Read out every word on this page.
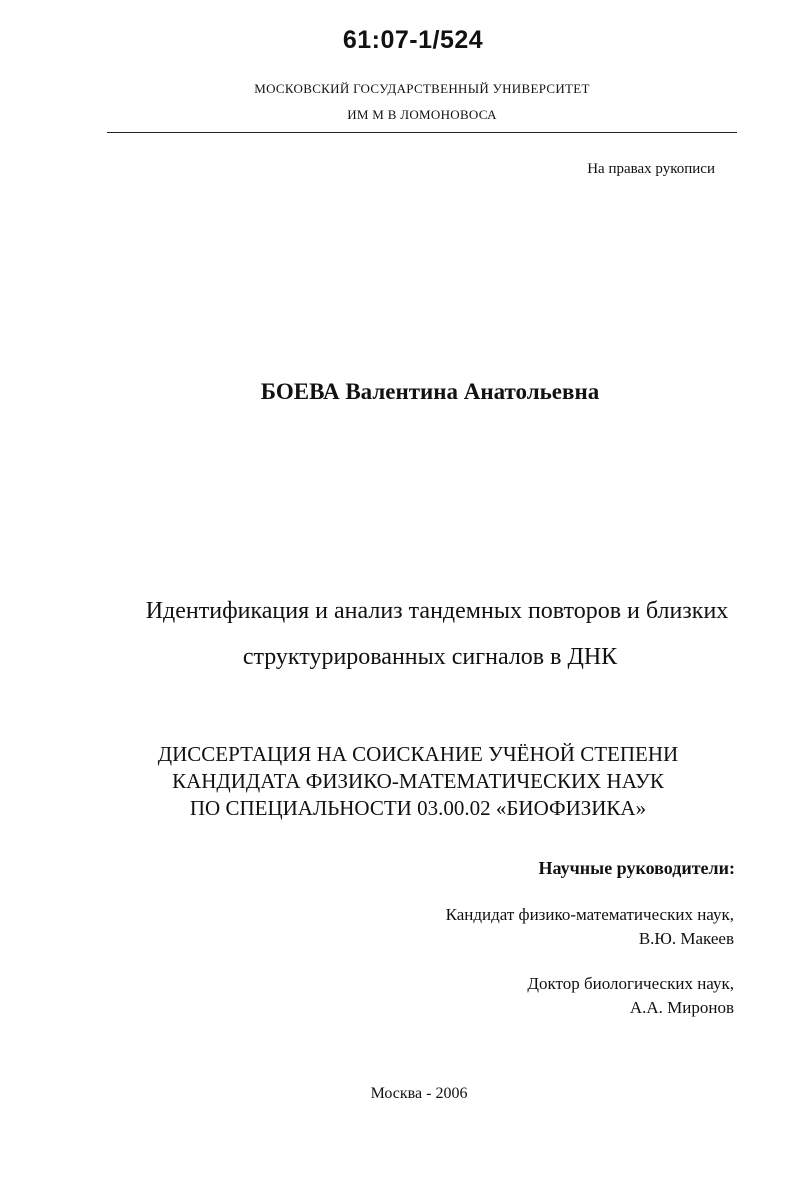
61:07-1/524
МОСКОВСКИЙ ГОСУДАРСТВЕННЫЙ УНИВЕРСИТЕТ
ИМ М В ЛОМОНОВОСА
На правах рукописи
БОЕВА Валентина Анатольевна
Идентификация и анализ тандемных повторов и близких
структурированных сигналов в ДНК
ДИССЕРТАЦИЯ НА СОИСКАНИЕ УЧЁНОЙ СТЕПЕНИ
КАНДИДАТА ФИЗИКО-МАТЕМАТИЧЕСКИХ НАУК
ПО СПЕЦИАЛЬНОСТИ 03.00.02 «БИОФИЗИКА»
Научные руководители:
Кандидат физико-математических наук,
В.Ю. Макеев
Доктор биологических наук,
А.А. Миронов
Москва - 2006
